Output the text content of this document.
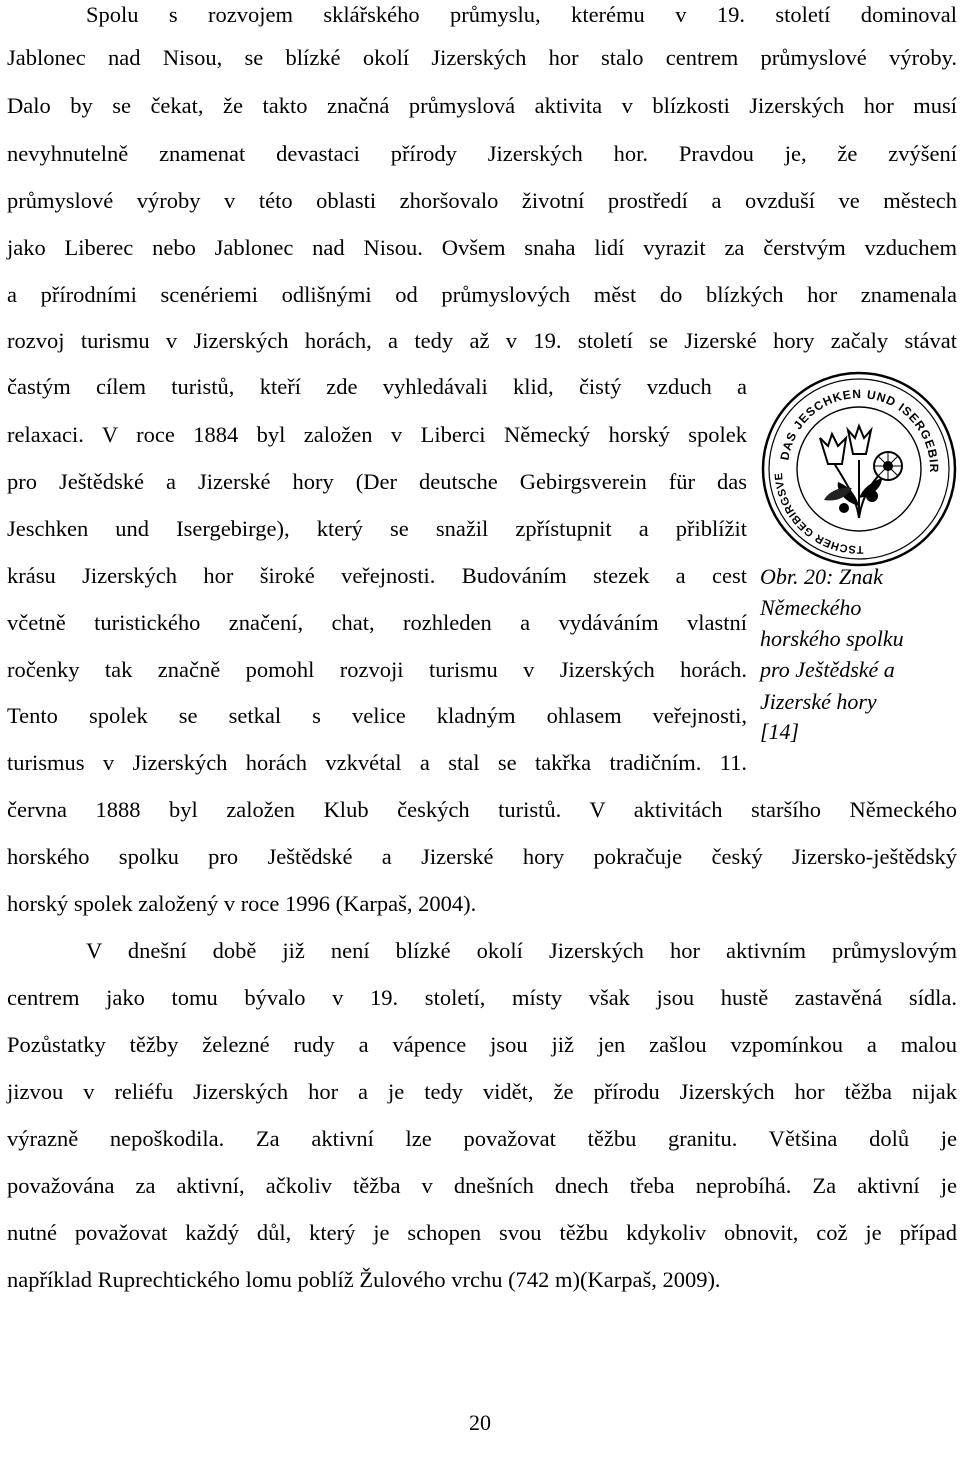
Spolu s rozvojem sklářského průmyslu, kterému v 19. století dominoval
Jablonec nad Nisou, se blízké okolí Jizerských hor stalo centrem průmyslové výroby.
Dalo by se čekat, že takto značná průmyslová aktivita v blízkosti Jizerských hor musí
nevyhnutelně znamenat devastaci přírody Jizerských hor. Pravdou je, že zvýšení
průmyslové výroby v této oblasti zhoršovalo životní prostředí a ovzduší ve městech
jako Liberec nebo Jablonec nad Nisou. Ovšem snaha lidí vyrazit za čerstvým vzduchem
a přírodními scenériemi odlišnými od průmyslových měst do blízkých hor znamenala
rozvoj turismu v Jizerských horách, a tedy až v 19. století se Jizerské hory začaly stávat
častým cílem turistů, kteří zde vyhledávali klid, čistý vzduch a
relaxaci. V roce 1884 byl založen v Liberci Německý horský spolek
pro Ještědské a Jizerské hory (Der deutsche Gebirgsverein für das
Jeschken und Isergebirge), který se snažil zpřístupnit a přiblížit
krásu Jizerských hor široké veřejnosti. Budováním stezek a cest
včetně turistického značení, chat, rozhleden a vydáváním vlastní
ročenky tak značně pomohl rozvoji turismu v Jizerských horách.
Tento spolek se setkal s velice kladným ohlasem veřejnosti,
turismus v Jizerských horách vzkvétal a stal se takřka tradičním. 11.
června 1888 byl založen Klub českých turistů. V aktivitách staršího Německého
horského spolku pro Ještědské a Jizerské hory pokračuje český Jizersko-ještědský
horský spolek založený v roce 1996 (Karpaš, 2004).
V dnešní době již není blízké okolí Jizerských hor aktivním průmyslovým
centrem jako tomu bývalo v 19. století, místy však jsou hustě zastavěná sídla.
Pozůstatky těžby železné rudy a vápence jsou již jen zašlou vzpomínkou a malou
jizvou v reliéfu Jizerských hor a je tedy vidět, že přírodu Jizerských hor těžba nijak
výrazně nepoškodila. Za aktivní lze považovat těžbu granitu. Většina dolů je
považována za aktivní, ačkoliv těžba v dnešních dnech třeba neprobíhá. Za aktivní je
nutné považovat každý důl, který je schopen svou těžbu kdykoliv obnovit, což je případ
například Ruprechtického lomu poblíž Žulového vrchu (742 m)(Karpaš, 2009).
DAS JESCHKEN UND ISERGEBIR
TSCHER GEBIRGSVE
Obr. 20: Znak
Německého
horského spolku
pro Ještědské a
Jizerské hory
[14]
20
